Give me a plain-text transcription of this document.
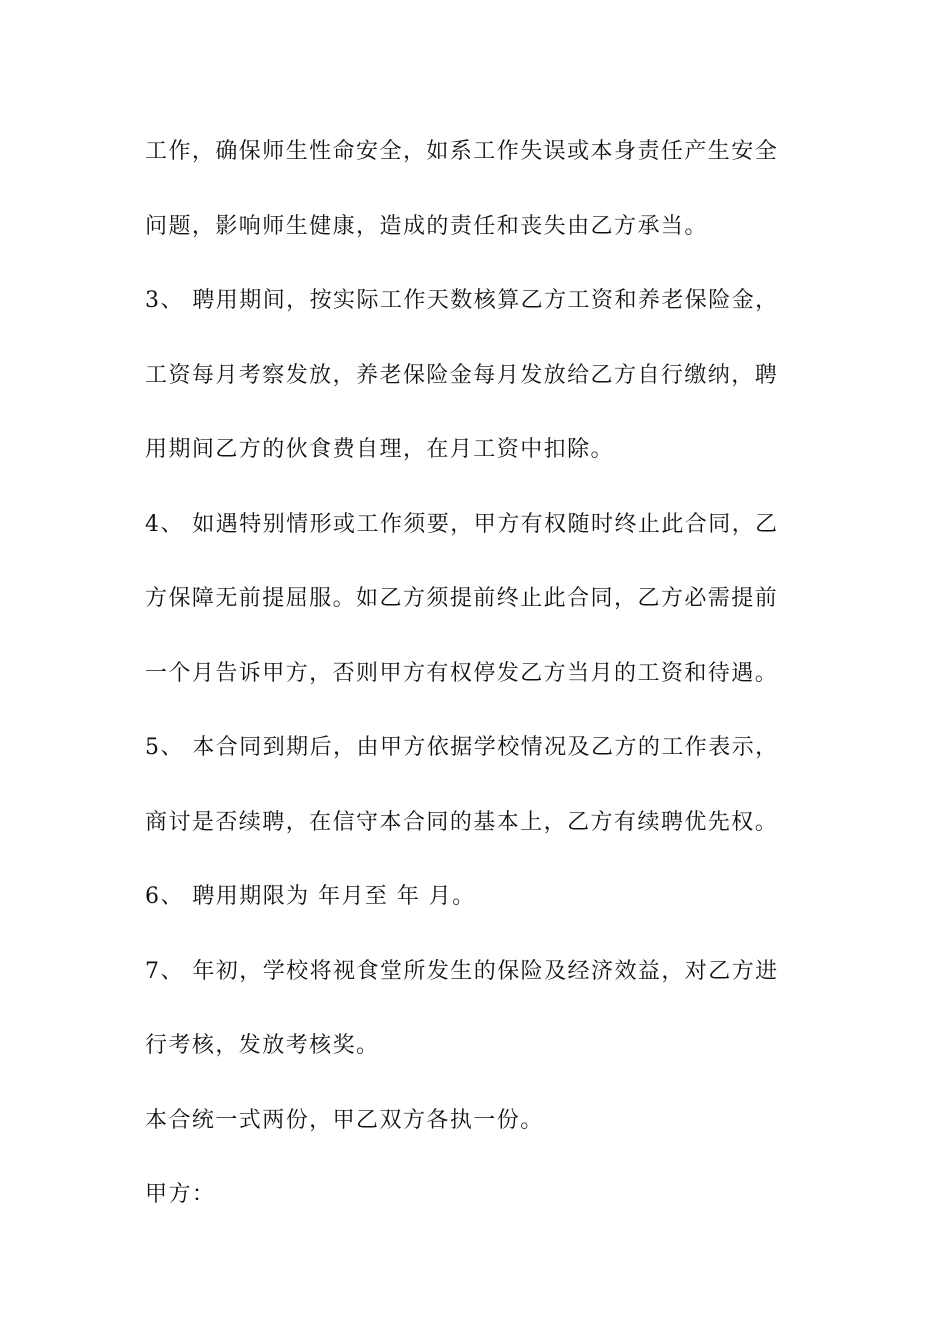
工作，确保师生性命安全，如系工作失误或本身责任产生安全
问题，影响师生健康，造成的责任和丧失由乙方承当。
3、 聘用期间，按实际工作天数核算乙方工资和养老保险金，
工资每月考察发放，养老保险金每月发放给乙方自行缴纳，聘
用期间乙方的伙食费自理，在月工资中扣除。
4、 如遇特别情形或工作须要，甲方有权随时终止此合同，乙
方保障无前提屈服。如乙方须提前终止此合同，乙方必需提前
一个月告诉甲方，否则甲方有权停发乙方当月的工资和待遇。
5、 本合同到期后，由甲方依据学校情况及乙方的工作表示，
商讨是否续聘，在信守本合同的基本上，乙方有续聘优先权。
6、 聘用期限为 年月至 年 月。
7、 年初，学校将视食堂所发生的保险及经济效益，对乙方进
行考核，发放考核奖。
本合统一式两份，甲乙双方各执一份。
甲方：
